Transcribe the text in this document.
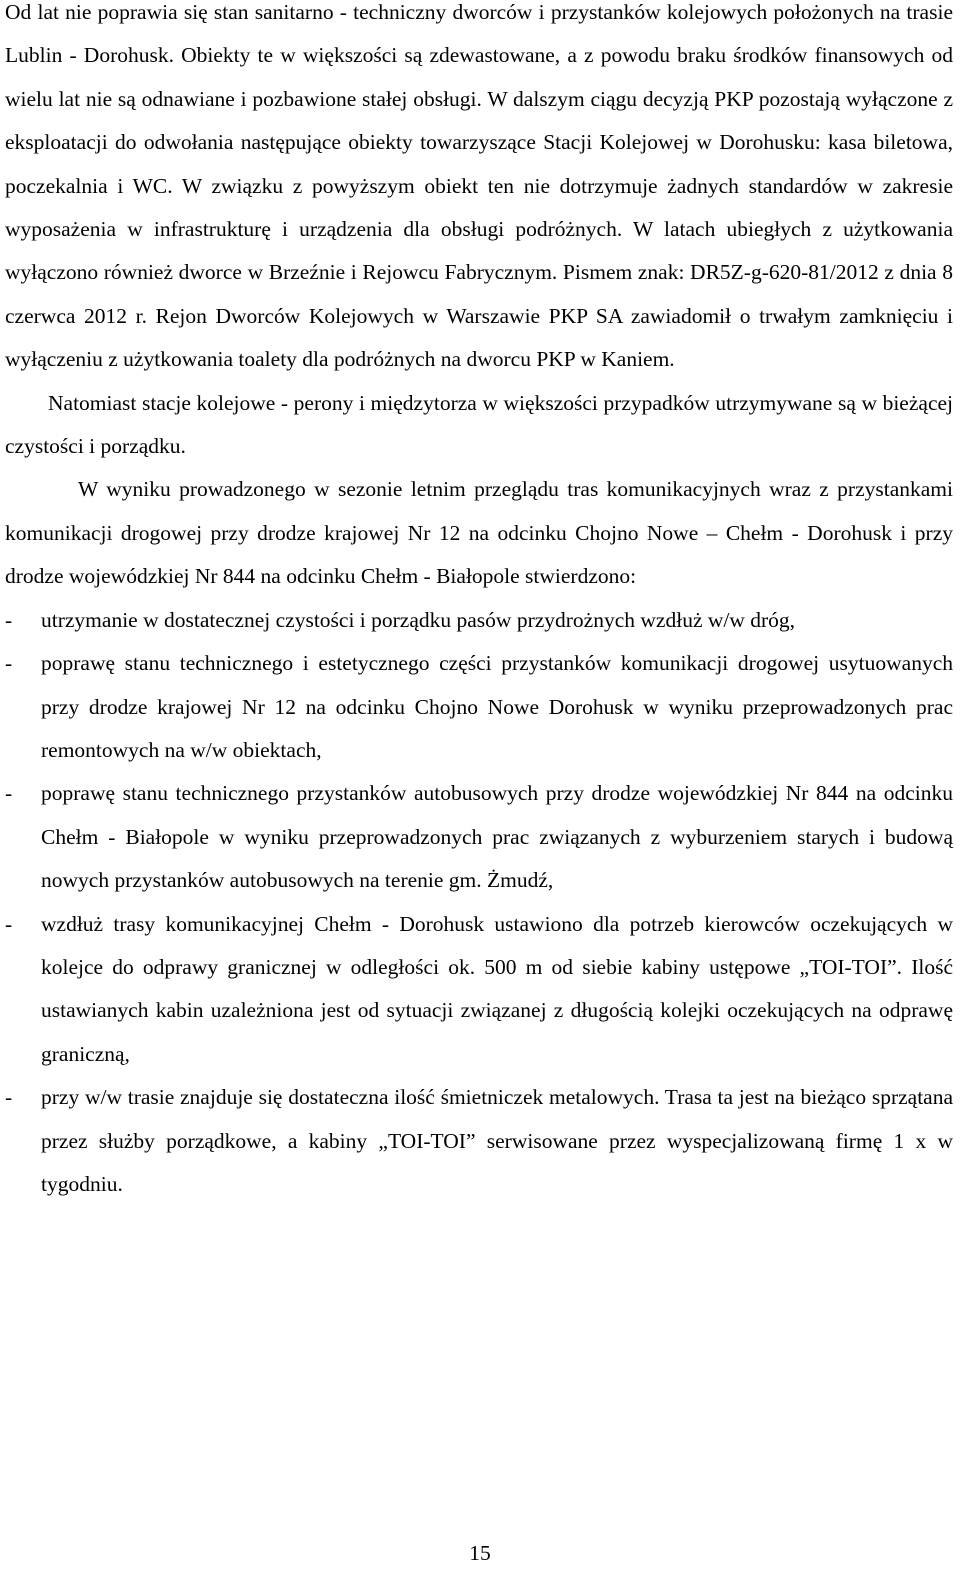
Od lat nie poprawia się stan sanitarno - techniczny dworców i przystanków kolejowych położonych na trasie Lublin - Dorohusk. Obiekty te w większości są zdewastowane, a z powodu braku środków finansowych od wielu lat nie są odnawiane i pozbawione stałej obsługi. W dalszym ciągu decyzją PKP pozostają wyłączone z eksploatacji do odwołania następujące obiekty towarzyszące Stacji Kolejowej w Dorohusku: kasa biletowa, poczekalnia i WC. W związku z powyższym obiekt ten nie dotrzymuje żadnych standardów w zakresie wyposażenia w infrastrukturę i urządzenia dla obsługi podróżnych. W latach ubiegłych z użytkowania wyłączono również dworce w Brzeźnie i Rejowcu Fabrycznym. Pismem znak: DR5Z-g-620-81/2012 z dnia 8 czerwca 2012 r. Rejon Dworców Kolejowych w Warszawie PKP SA zawiadomił o trwałym zamknięciu i wyłączeniu z użytkowania toalety dla podróżnych na dworcu PKP w Kaniem.

Natomiast stacje kolejowe - perony i międzytorza w większości przypadków utrzymywane są w bieżącej czystości i porządku.

W wyniku prowadzonego w sezonie letnim przeglądu tras komunikacyjnych wraz z przystankami komunikacji drogowej przy drodze krajowej Nr 12 na odcinku Chojno Nowe – Chełm - Dorohusk i przy drodze wojewódzkiej Nr 844 na odcinku Chełm - Białopole stwierdzono:

- utrzymanie w dostatecznej czystości i porządku pasów przydrożnych wzdłuż w/w dróg,
- poprawę stanu technicznego i estetycznego części przystanków komunikacji drogowej usytuowanych przy drodze krajowej Nr 12 na odcinku Chojno Nowe Dorohusk w wyniku przeprowadzonych prac remontowych na w/w obiektach,
- poprawę stanu technicznego przystanków autobusowych przy drodze wojewódzkiej Nr 844 na odcinku Chełm - Białopole w wyniku przeprowadzonych prac związanych z wyburzeniem starych i budową nowych przystanków autobusowych na terenie gm. Żmudź,
- wzdłuż trasy komunikacyjnej Chełm - Dorohusk ustawiono dla potrzeb kierowców oczekujących w kolejce do odprawy granicznej w odległości ok. 500 m od siebie kabiny ustępowe „TOI-TOI”. Ilość ustawianych kabin uzależniona jest od sytuacji związanej z długością kolejki oczekujących na odprawę graniczną,
- przy w/w trasie znajduje się dostateczna ilość śmietniczek metalowych. Trasa ta jest na bieżąco sprzątana przez służby porządkowe, a kabiny „TOI-TOI” serwisowane przez wyspecjalizowaną firmę 1 x w tygodniu.
15
